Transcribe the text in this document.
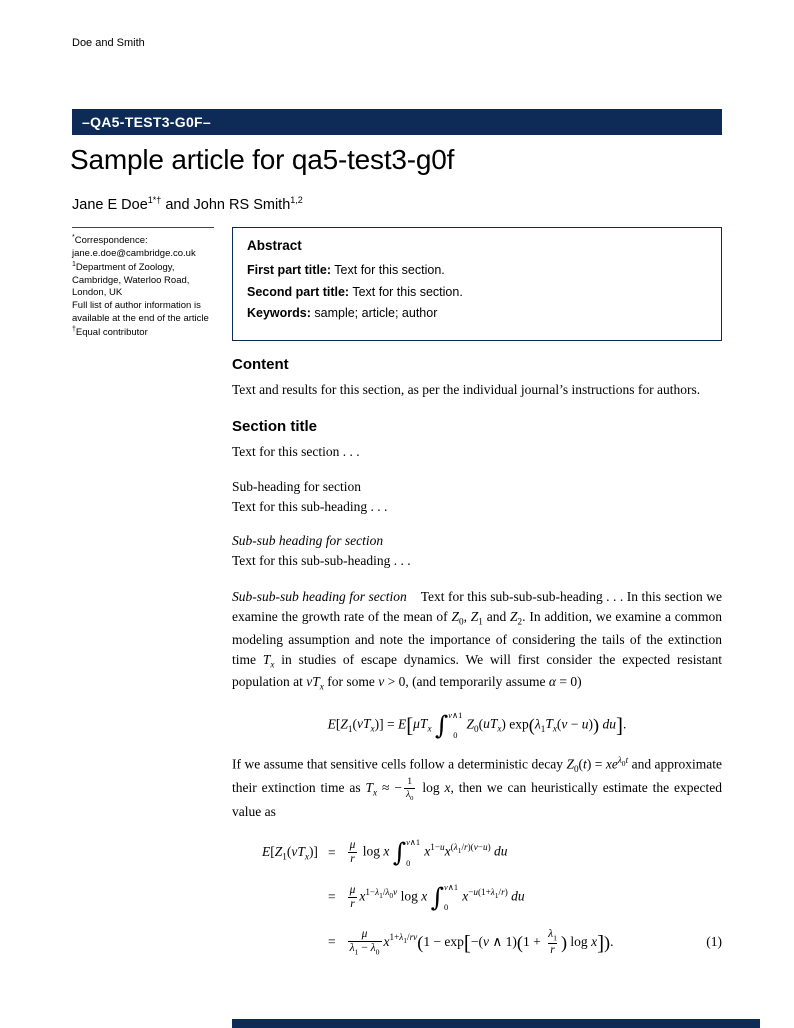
Doe and Smith
–QA5-TEST3-G0F–
Sample article for qa5-test3-g0f
Jane E Doe$^{1*\dagger}$ and John RS Smith$^{1,2}$
*Correspondence:
jane.e.doe@cambridge.co.uk
$^1$Department of Zoology,
Cambridge, Waterloo Road,
London, UK
Full list of author information is
available at the end of the article
†Equal contributor
Abstract

First part title: Text for this section.

Second part title: Text for this section.

Keywords: sample; article; author

Content

Text and results for this section, as per the individual journal’s instructions for authors.

Section title

Text for this section . . .

Sub-heading for section

Text for this sub-heading . . .

Sub-sub heading for section

Text for this sub-sub-heading . . .

Sub-sub-sub heading for section Text for this sub-sub-sub-heading . . . In this section we examine the growth rate of the mean of $Z_0$, $Z_1$ and $Z_2$. In addition, we examine a common modeling assumption and note the importance of considering the tails of the extinction time $T_x$ in studies of escape dynamics. We will first consider the expected resistant population at $vT_x$ for some v > 0, (and temporarily assume α = 0)

$E[Z_1(vT_x)] = E[\mu T_x$ ∫ v∧1
0
$Z_0(uT_x) \exp(\lambda_1T_x(v - u))$ du].

If we assume that sensitive cells follow a deterministic decay $Z_0(t) = xe^{\lambda_0t}$ and approximate their extinction time as $T_x$ ≈ − $\frac{1}{\lambda_0}$ log x, then we can heuristically estimate the expected value as

$E[Z_1(vT_x)] = \frac{\mu}{r}$ log x ∫ v∧1
0
$x^{1-u}x^{(\lambda_1/r)(v-u)}$ du
= $\frac{\mu}{r} x^{1-\lambda_1/\lambda_0v}$ log x ∫ v∧1
0
$x^{-u(1+\lambda_1/r)}$ du
= $\frac{\mu}{\lambda_1 - \lambda_0} x^{1+\lambda_1/rv}(1 - \exp[-(v$ ∧ $1)(1 + \frac{\lambda_1}{r}$ ) log x]).	(1)
